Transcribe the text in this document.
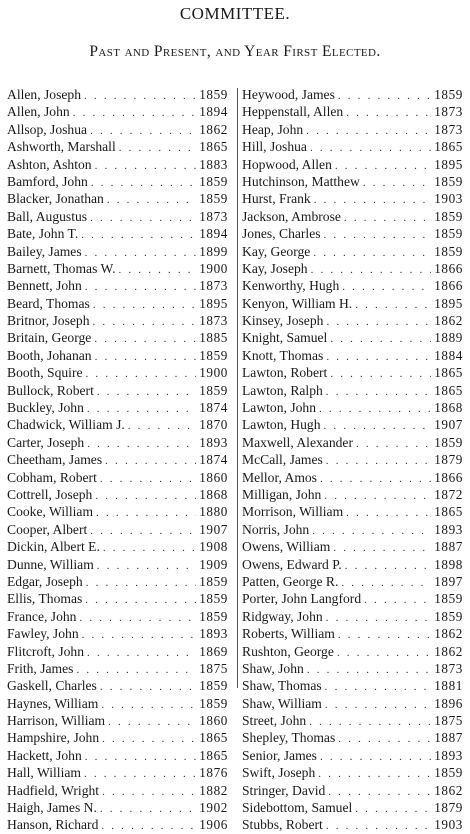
COMMITTEE.
Past and Present, and Year First Elected.
Allen, Joseph . . .	1859
Allen, John . . .	1894
Allsop, Joshua . . .	1862
Ashworth, Marshall . . .	1865
Ashton, Ashton . . .	1883
Bamford, John . . .	1859
Blacker, Jonathan . . .	1859
Ball, Augustus . . .	1873
Bate, John T. . . .	1894
Bailey, James . . .	1899
Barnett, Thomas W. . . .	1900
Bennett, John . . .	1873
Beard, Thomas . . .	1895
Britnor, Joseph . . .	1873
Britain, George . . .	1885
Booth, Johanan . . .	1859
Booth, Squire . . .	1900
Bullock, Robert . . .	1859
Buckley, John . . .	1874
Chadwick, William J. . . .	1870
Carter, Joseph . . .	1893
Cheetham, James . . .	1874
Cobham, Robert . . .	1860
Cottrell, Joseph . . .	1868
Cooke, William . . .	1880
Cooper, Albert . . .	1907
Dickin, Albert E. . . .	1908
Dunne, William . . .	1909
Edgar, Joseph . . .	1859
Ellis, Thomas . . .	1859
France, John . . .	1859
Fawley, John . . .	1893
Flitcroft, John . . .	1869
Frith, James . . .	1875
Gaskell, Charles . . .	1859
Haynes, William . . .	1859
Harrison, William . . .	1860
Hampshire, John . . .	1865
Hackett, John . . .	1865
Hall, William . . .	1876
Hadfield, Wright . . .	1882
Haigh, James N. . . .	1902
Hanson, Richard . . .	1906
Heywood, James . . .	1859
Heppenstall, Allen . . .	1873
Heap, John . . .	1873
Hill, Joshua . . .	1865
Hopwood, Allen . . .	1895
Hutchinson, Matthew . . .	1859
Hurst, Frank . . .	1903
Jackson, Ambrose . . .	1859
Jones, Charles . . .	1859
Kay, George . . .	1859
Kay, Joseph . . .	1866
Kenworthy, Hugh . . .	1866
Kenyon, William H. . . .	1895
Kinsey, Joseph . . .	1862
Knight, Samuel . . .	1889
Knott, Thomas . . .	1884
Lawton, Robert . . .	1865
Lawton, Ralph . . .	1865
Lawton, John . . .	1868
Lawton, Hugh . . .	1907
Maxwell, Alexander . . .	1859
McCall, James . . .	1879
Mellor, Amos . . .	1866
Milligan, John . . .	1872
Morrison, William . . .	1865
Norris, John . . .	1893
Owens, William . . .	1887
Owens, Edward P. . . .	1898
Patten, George R. . . .	1897
Porter, John Langford . . .	1859
Ridgway, John . . .	1859
Roberts, William . . .	1862
Rushton, George . . .	1862
Shaw, John . . .	1873
Shaw, Thomas . . .	1881
Shaw, William . . .	1896
Street, John . . .	1875
Shepley, Thomas . . .	1887
Senior, James . . .	1893
Swift, Joseph . . .	1859
Stringer, David . . .	1862
Sidebottom, Samuel . . .	1879
Stubbs, Robert . . .	1903
